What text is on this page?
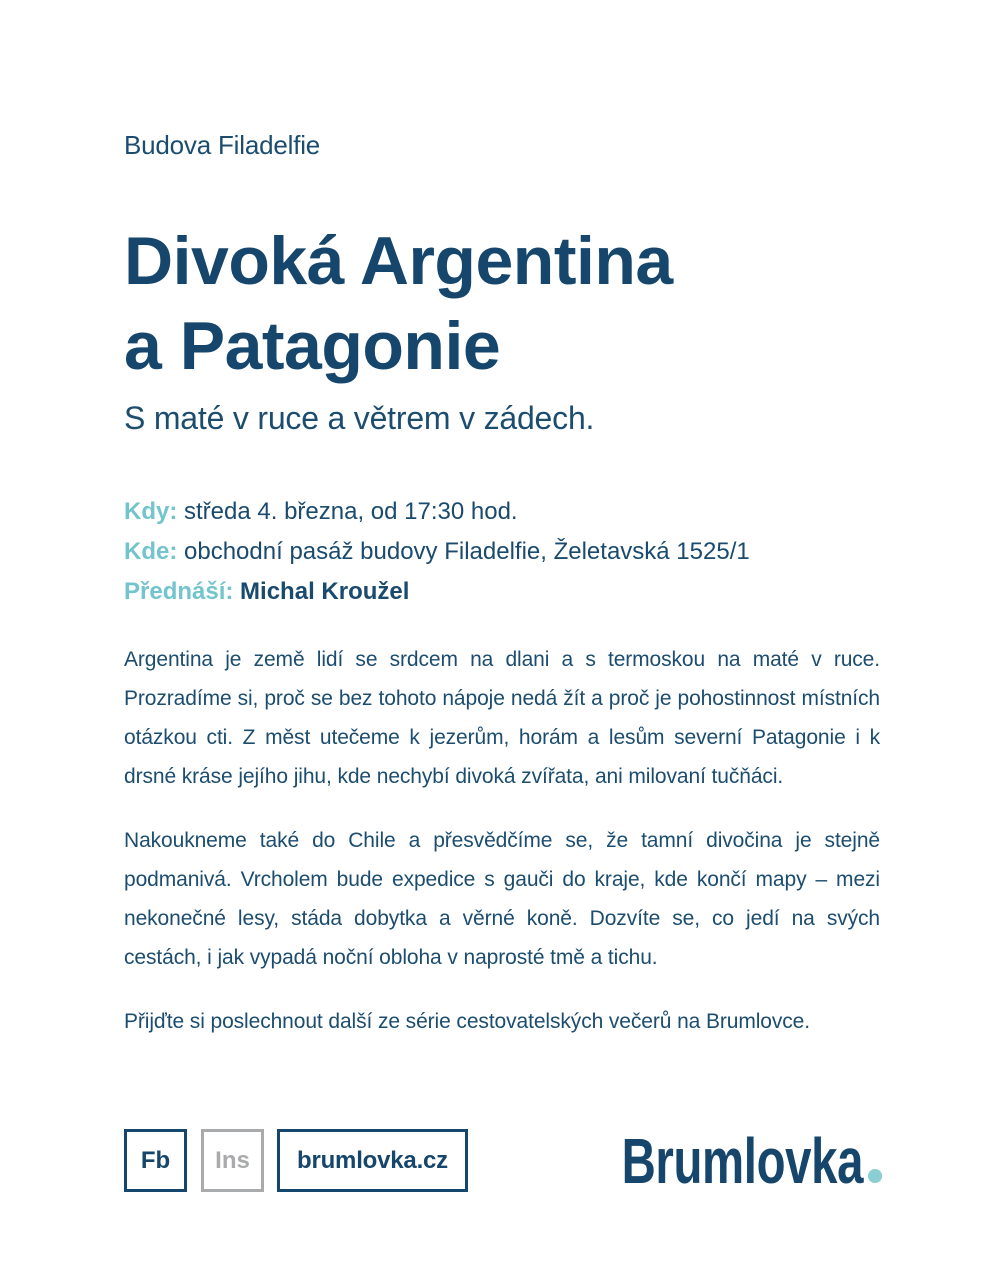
Budova Filadelfie
Divoká Argentina
a Patagonie
S maté v ruce a větrem v zádech.
Kdy: středa 4. března, od 17:30 hod.
Kde: obchodní pasáž budovy Filadelfie, Želetavská 1525/1
Přednáší: Michal Kroužel

Argentina je země lidí se srdcem na dlani a s termoskou na maté v ruce. Prozradíme si, proč se bez tohoto nápoje nedá žít a proč je pohostinnost místních otázkou cti. Z měst utečeme k jezerům, horám a lesům severní Patagonie i k drsné kráse jejího jihu, kde nechybí divoká zvířata, ani milovaní tučňáci.

Nakoukneme také do Chile a přesvědčíme se, že tamní divočina je stejně podmanivá. Vrcholem bude expedice s gauči do kraje, kde končí mapy – mezi nekonečné lesy, stáda dobytka a věrné koně. Dozvíte se, co jedí na svých cestách, i jak vypadá noční obloha v naprosté tmě a tichu.

Přijďte si poslechnout další ze série cestovatelských večerů na Brumlovce.

Fb	Ins	brumlovka.cz	Brumlovka
